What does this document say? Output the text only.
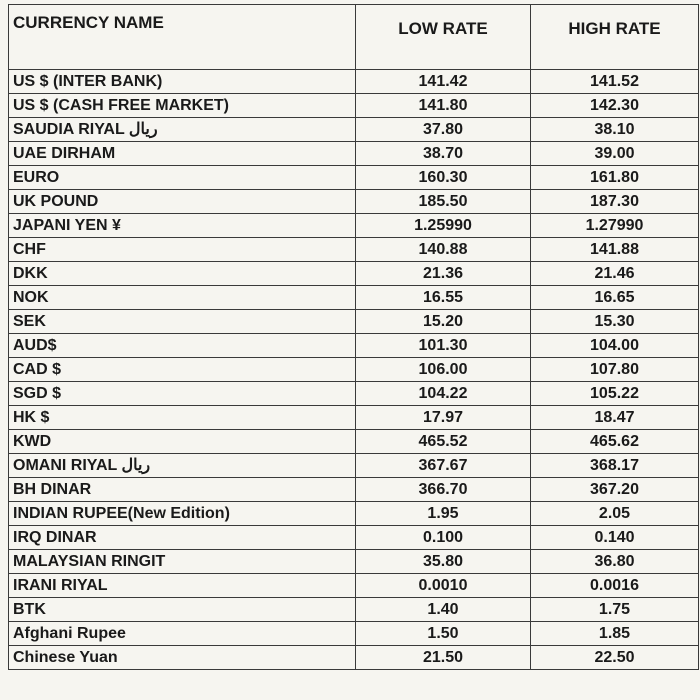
CURRENCY NAME	LOW RATE	HIGH RATE
US $ (INTER BANK)	141.42	141.52
US $ (CASH FREE MARKET)	141.80	142.30
SAUDIA RIYAL ریال	37.80	38.10
UAE DIRHAM	38.70	39.00
EURO	160.30	161.80
UK POUND	185.50	187.30
JAPANI YEN ¥	1.25990	1.27990
CHF	140.88	141.88
DKK	21.36	21.46
NOK	16.55	16.65
SEK	15.20	15.30
AUD$	101.30	104.00
CAD $	106.00	107.80
SGD $	104.22	105.22
HK $	17.97	18.47
KWD	465.52	465.62
OMANI RIYAL ریال	367.67	368.17
BH DINAR	366.70	367.20
INDIAN RUPEE(New Edition)	1.95	2.05
IRQ DINAR	0.100	0.140
MALAYSIAN RINGIT	35.80	36.80
IRANI RIYAL	0.0010	0.0016
BTK	1.40	1.75
Afghani Rupee	1.50	1.85
Chinese Yuan	21.50	22.50
